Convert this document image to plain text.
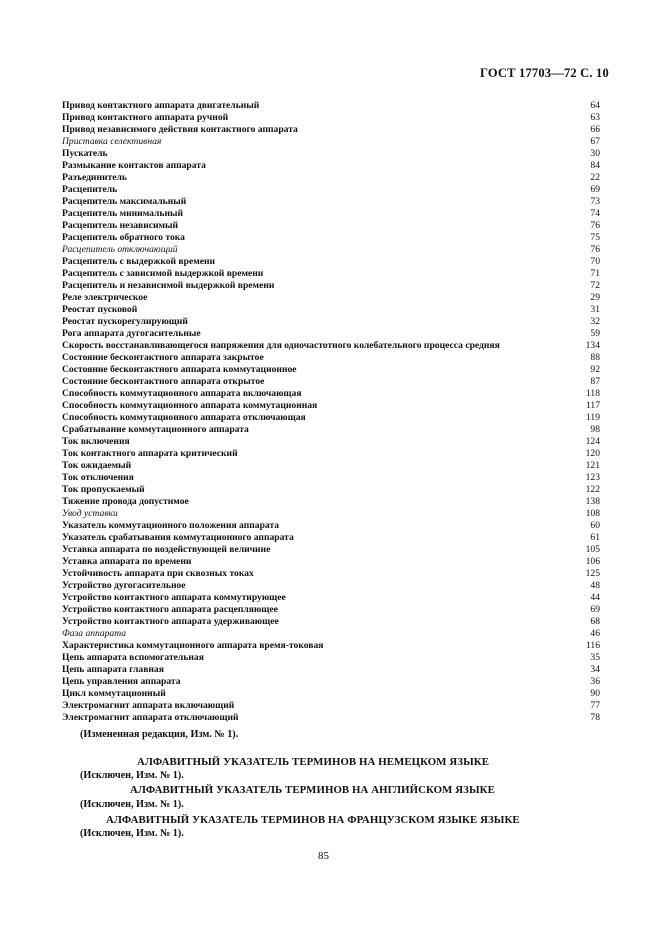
ГОСТ 17703—72 С. 10
Привод контактного аппарата двигательный	64
Привод контактного аппарата ручной	63
Привод независимого действия контактного аппарата	66
Приставка селективная	67
Пускатель	30
Размыкание контактов аппарата	84
Разъединитель	22
Расцепитель	69
Расцепитель максимальный	73
Расцепитель минимальный	74
Расцепитель независимый	76
Расцепитель обратного тока	75
Расцепитель отключающий	76
Расцепитель с выдержкой времени	70
Расцепитель с зависимой выдержкой времени	71
Расцепитель и независимой выдержкой времени	72
Реле электрическое	29
Реостат пусковой	31
Реостат пускорегулирующий	32
Рога аппарата дугогасительные	59
Скорость восстанавливающегося напряжения для одночастотного колебательного процесса средняя	134
Состояние бесконтактного аппарата закрытое	88
Состояние бесконтактного аппарата коммутационное	92
Состояние бесконтактного аппарата открытое	87
Способность коммутационного аппарата включающая	118
Способность коммутационного аппарата коммутационная	117
Способность коммутационного аппарата отключающая	119
Срабатывание коммутационного аппарата	98
Ток включения	124
Ток контактного аппарата критический	120
Ток ожидаемый	121
Ток отключения	123
Ток пропускаемый	122
Тяжение провода допустимое	138
Увод уставки	108
Указатель коммутационного положения аппарата	60
Указатель срабатывания коммутационного аппарата	61
Уставка аппарата по воздействующей величине	105
Уставка аппарата по времени	106
Устойчивость аппарата при сквозных токах	125
Устройство дугогасительное	48
Устройство контактного аппарата коммутирующее	44
Устройство контактного аппарата расцепляющее	69
Устройство контактного аппарата удерживающее	68
Фаза аппарата	46
Характеристика коммутационного аппарата время-токовая	116
Цепь аппарата вспомогательная	35
Цепь аппарата главная	34
Цепь управления аппарата	36
Цикл коммутационный	90
Электромагнит аппарата включающий	77
Электромагнит аппарата отключающий	78
(Измененная редакция, Изм. № 1).
АЛФАВИТНЫЙ УКАЗАТЕЛЬ ТЕРМИНОВ НА НЕМЕЦКОМ ЯЗЫКЕ
(Исключен, Изм. № 1).
АЛФАВИТНЫЙ УКАЗАТЕЛЬ ТЕРМИНОВ НА АНГЛИЙСКОМ ЯЗЫКЕ
(Исключен, Изм. № 1).
АЛФАВИТНЫЙ УКАЗАТЕЛЬ ТЕРМИНОВ НА ФРАНЦУЗСКОМ ЯЗЫКЕ ЯЗЫКЕ
(Исключен, Изм. № 1).
85
